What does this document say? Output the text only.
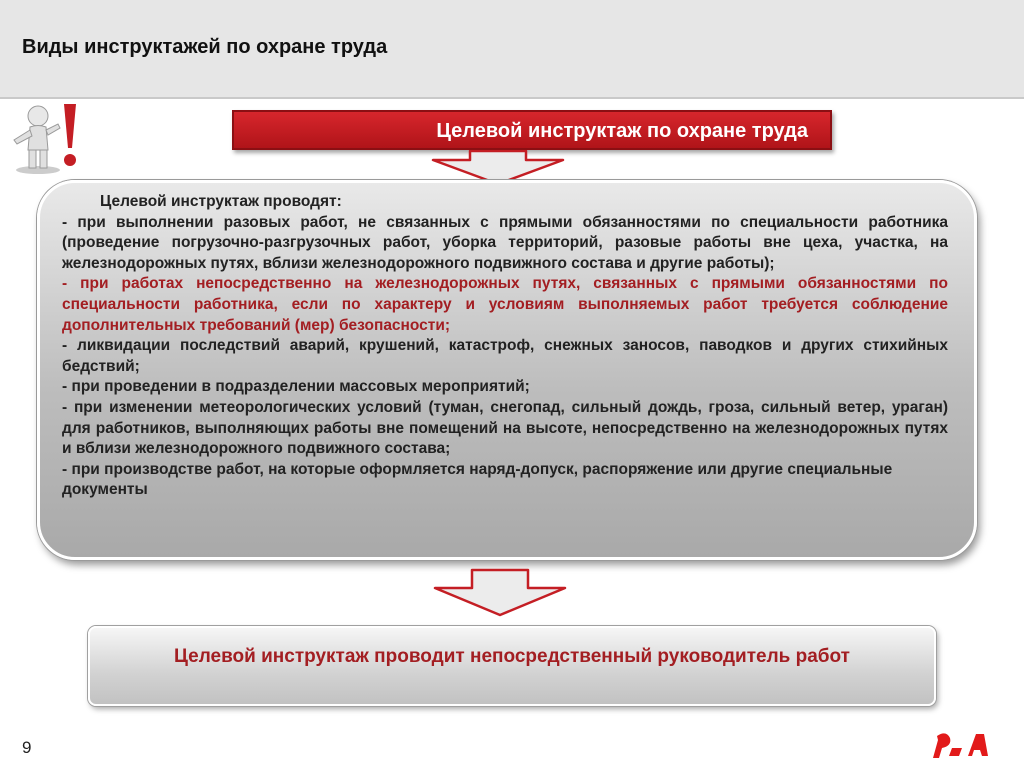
Виды инструктажей по охране труда
Целевой инструктаж по охране труда

Целевой инструктаж проводят:

- при выполнении разовых работ, не связанных с прямыми обязанностями по специальности работника (проведение погрузочно-разгрузочных работ, уборка территорий, разовые работы вне цеха, участка, на железнодорожных путях, вблизи железнодорожного подвижного состава и другие работы);

- при работах непосредственно на железнодорожных путях, связанных с прямыми обязанностями по специальности работника, если по характеру и условиям выполняемых работ требуется соблюдение дополнительных требований (мер) безопасности;

- ликвидации последствий аварий, крушений, катастроф, снежных заносов, паводков и других стихийных бедствий;

- при проведении в подразделении массовых мероприятий;

- при изменении метеорологических условий (туман, снегопад, сильный дождь, гроза, сильный ветер, ураган) для работников, выполняющих работы вне помещений на высоте, непосредственно на железнодорожных путях и вблизи железнодорожного подвижного состава;

- при производстве работ, на которые оформляется наряд-допуск, распоряжение или другие специальные документы

Целевой инструктаж проводит непосредственный руководитель работ
9
